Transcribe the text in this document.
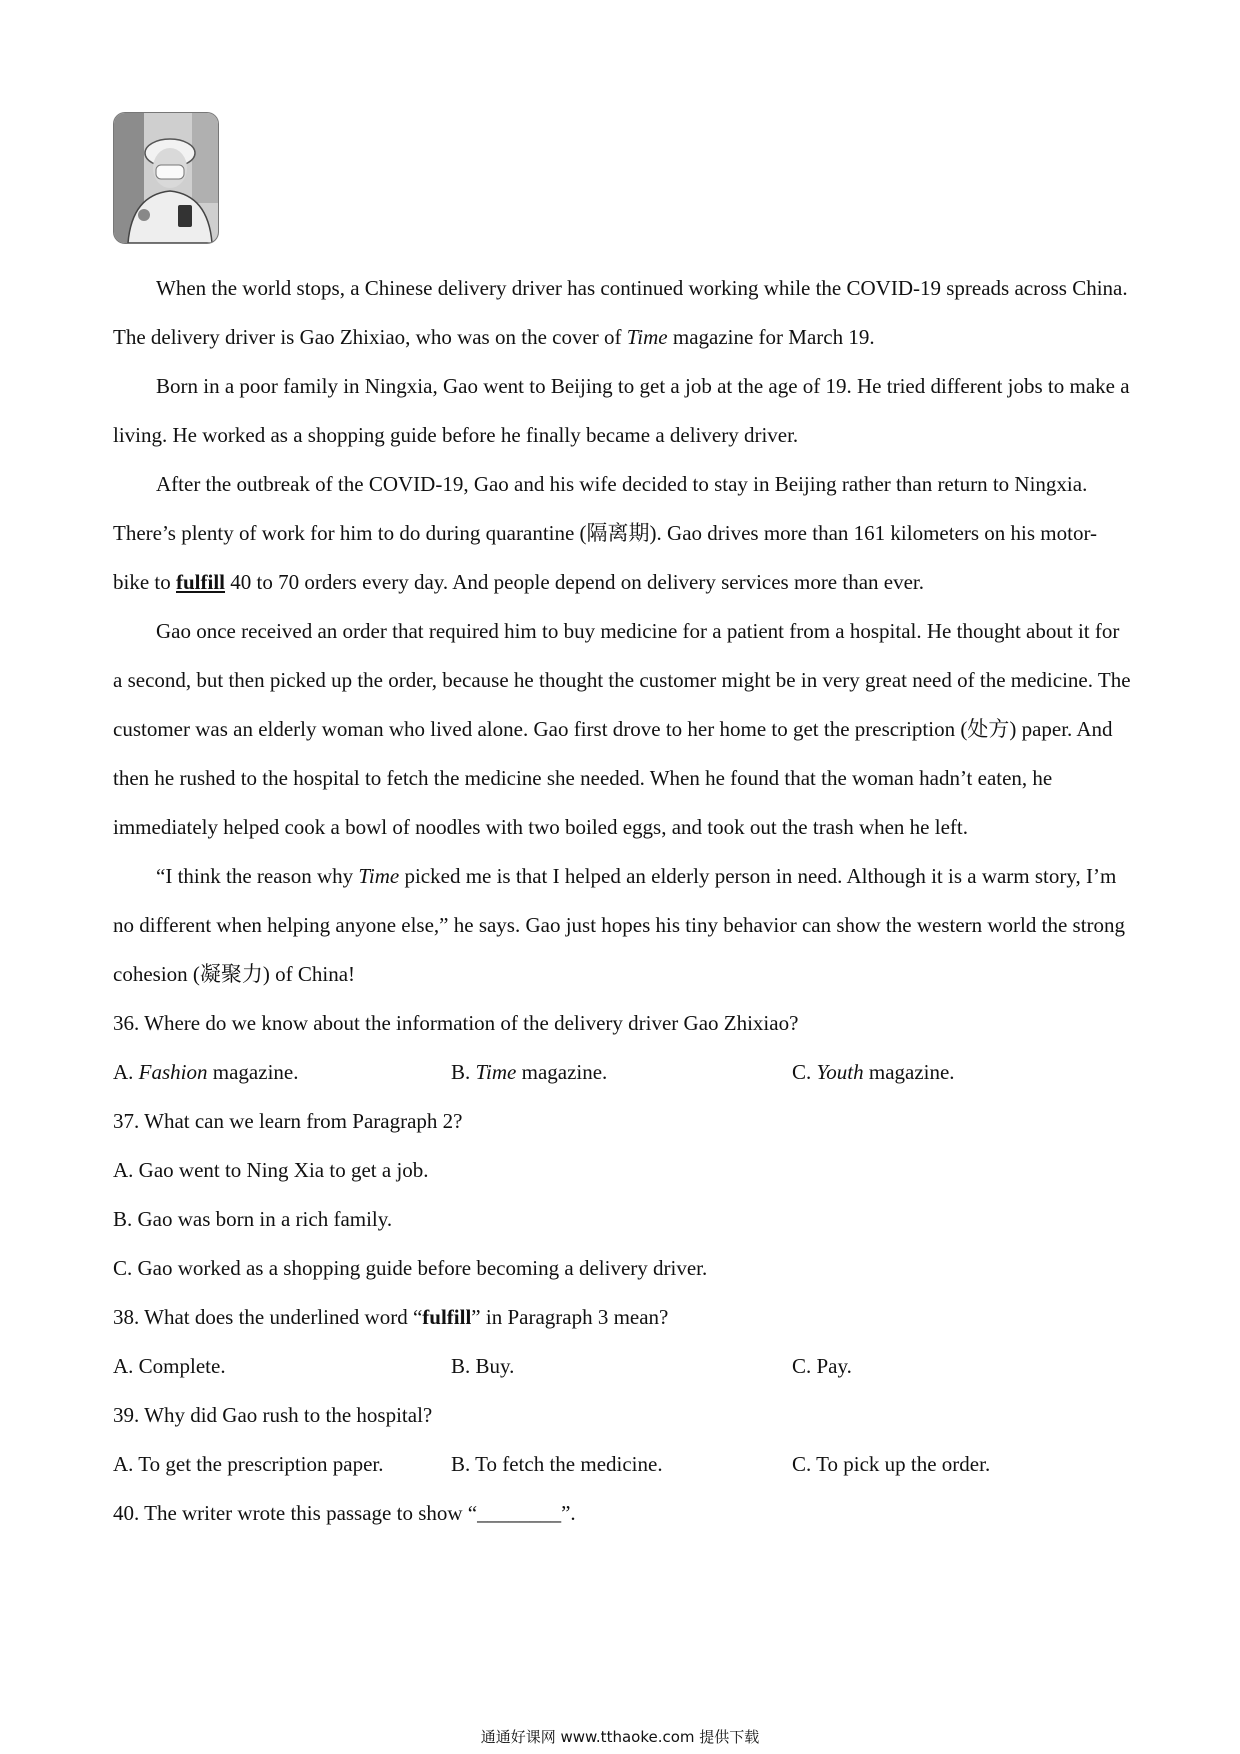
When the world stops, a Chinese delivery driver has continued working while the COVID-19 spreads across China. The delivery driver is Gao Zhixiao, who was on the cover of Time magazine for March 19.

Born in a poor family in Ningxia, Gao went to Beijing to get a job at the age of 19. He tried different jobs to make a living. He worked as a shopping guide before he finally became a delivery driver.

After the outbreak of the COVID-19, Gao and his wife decided to stay in Beijing rather than return to Ningxia. There’s plenty of work for him to do during quarantine (隔离期). Gao drives more than 161 kilometers on his motor-bike to fulfill 40 to 70 orders every day. And people depend on delivery services more than ever.

Gao once received an order that required him to buy medicine for a patient from a hospital. He thought about it for a second, but then picked up the order, because he thought the customer might be in very great need of the medicine. The customer was an elderly woman who lived alone. Gao first drove to her home to get the prescription (处方) paper. And then he rushed to the hospital to fetch the medicine she needed. When he found that the woman hadn’t eaten, he immediately helped cook a bowl of noodles with two boiled eggs, and took out the trash when he left.

“I think the reason why Time picked me is that I helped an elderly person in need. Although it is a warm story, I’m no different when helping anyone else,” he says. Gao just hopes his tiny behavior can show the western world the strong cohesion (凝聚力) of China!

36. Where do we know about the information of the delivery driver Gao Zhixiao?

A. Fashion magazine.	B. Time magazine.	C. Youth magazine.

37. What can we learn from Paragraph 2?

A. Gao went to Ning Xia to get a job.

B. Gao was born in a rich family.

C. Gao worked as a shopping guide before becoming a delivery driver.

38. What does the underlined word “fulfill” in Paragraph 3 mean?

A. Complete.	B. Buy.	C. Pay.

39. Why did Gao rush to the hospital?

A. To get the prescription paper.	B. To fetch the medicine.	C. To pick up the order.

40. The writer wrote this passage to show “________”.

通通好课网 www.tthaoke.com 提供下载
